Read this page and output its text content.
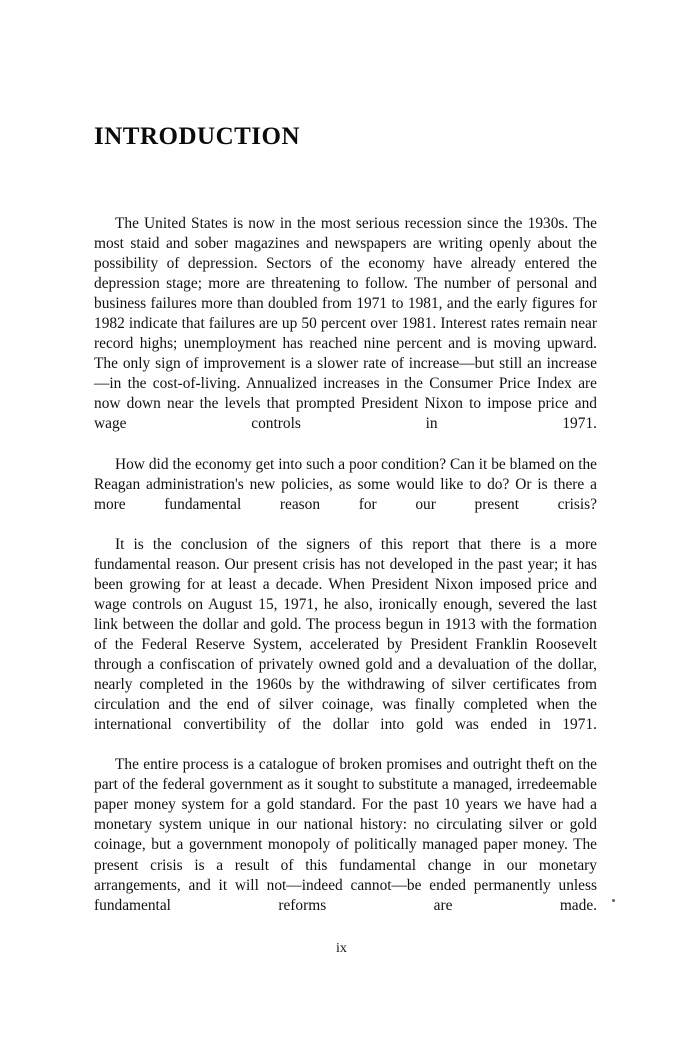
INTRODUCTION

The United States is now in the most serious recession since the 1930s. The most staid and sober magazines and newspapers are writing openly about the possibility of depression. Sectors of the economy have already entered the depression stage; more are threatening to follow. The number of personal and business failures more than doubled from 1971 to 1981, and the early figures for 1982 indicate that failures are up 50 percent over 1981. Interest rates remain near record highs; unemployment has reached nine percent and is moving upward. The only sign of improvement is a slower rate of increase—but still an increase—in the cost-of-living. Annualized increases in the Consumer Price Index are now down near the levels that prompted President Nixon to impose price and wage controls in 1971.

How did the economy get into such a poor condition? Can it be blamed on the Reagan administration's new policies, as some would like to do? Or is there a more fundamental reason for our present crisis?

It is the conclusion of the signers of this report that there is a more fundamental reason. Our present crisis has not developed in the past year; it has been growing for at least a decade. When President Nixon imposed price and wage controls on August 15, 1971, he also, ironically enough, severed the last link between the dollar and gold. The process begun in 1913 with the formation of the Federal Reserve System, accelerated by President Franklin Roosevelt through a confiscation of privately owned gold and a devaluation of the dollar, nearly completed in the 1960s by the withdrawing of silver certificates from circulation and the end of silver coinage, was finally completed when the international convertibility of the dollar into gold was ended in 1971.

The entire process is a catalogue of broken promises and outright theft on the part of the federal government as it sought to substitute a managed, irredeemable paper money system for a gold standard. For the past 10 years we have had a monetary system unique in our national history: no circulating silver or gold coinage, but a government monopoly of politically managed paper money. The present crisis is a result of this fundamental change in our monetary arrangements, and it will not—indeed cannot—be ended permanently unless fundamental reforms are made.

ix
